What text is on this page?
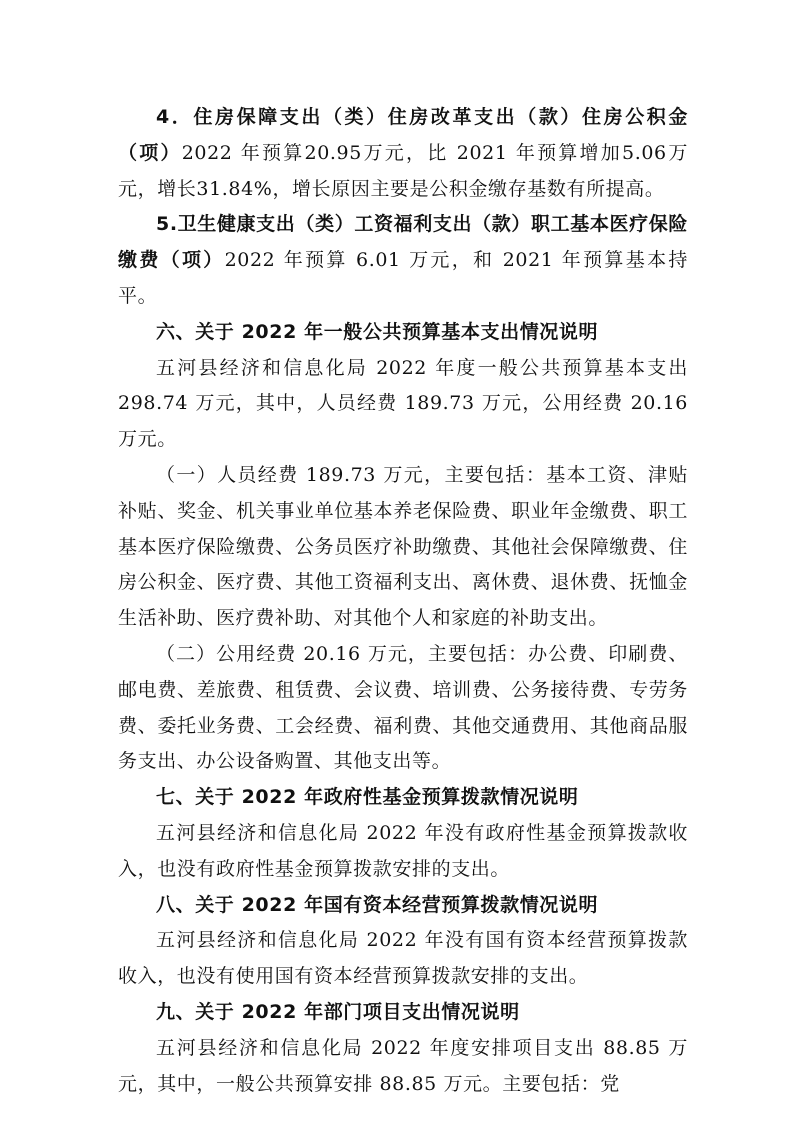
4．住房保障支出（类）住房改革支出（款）住房公积金（项）2022 年预算20.95万元，比 2021 年预算增加5.06万元，增长31.84%，增长原因主要是公积金缴存基数有所提高。

5.卫生健康支出（类）工资福利支出（款）职工基本医疗保险缴费（项）2022 年预算 6.01 万元，和 2021 年预算基本持平。

六、关于 2022 年一般公共预算基本支出情况说明

五河县经济和信息化局 2022 年度一般公共预算基本支出 298.74 万元，其中，人员经费 189.73 万元，公用经费 20.16 万元。

（一）人员经费 189.73 万元，主要包括：基本工资、津贴补贴、奖金、机关事业单位基本养老保险费、职业年金缴费、职工基本医疗保险缴费、公务员医疗补助缴费、其他社会保障缴费、住房公积金、医疗费、其他工资福利支出、离休费、退休费、抚恤金生活补助、医疗费补助、对其他个人和家庭的补助支出。

（二）公用经费 20.16 万元，主要包括：办公费、印刷费、邮电费、差旅费、租赁费、会议费、培训费、公务接待费、专劳务费、委托业务费、工会经费、福利费、其他交通费用、其他商品服务支出、办公设备购置、其他支出等。

七、关于 2022 年政府性基金预算拨款情况说明

五河县经济和信息化局 2022 年没有政府性基金预算拨款收入，也没有政府性基金预算拨款安排的支出。

八、关于 2022 年国有资本经营预算拨款情况说明

五河县经济和信息化局 2022 年没有国有资本经营预算拨款收入，也没有使用国有资本经营预算拨款安排的支出。

九、关于 2022 年部门项目支出情况说明

五河县经济和信息化局 2022 年度安排项目支出 88.85 万元，其中，一般公共预算安排 88.85 万元。主要包括：党
